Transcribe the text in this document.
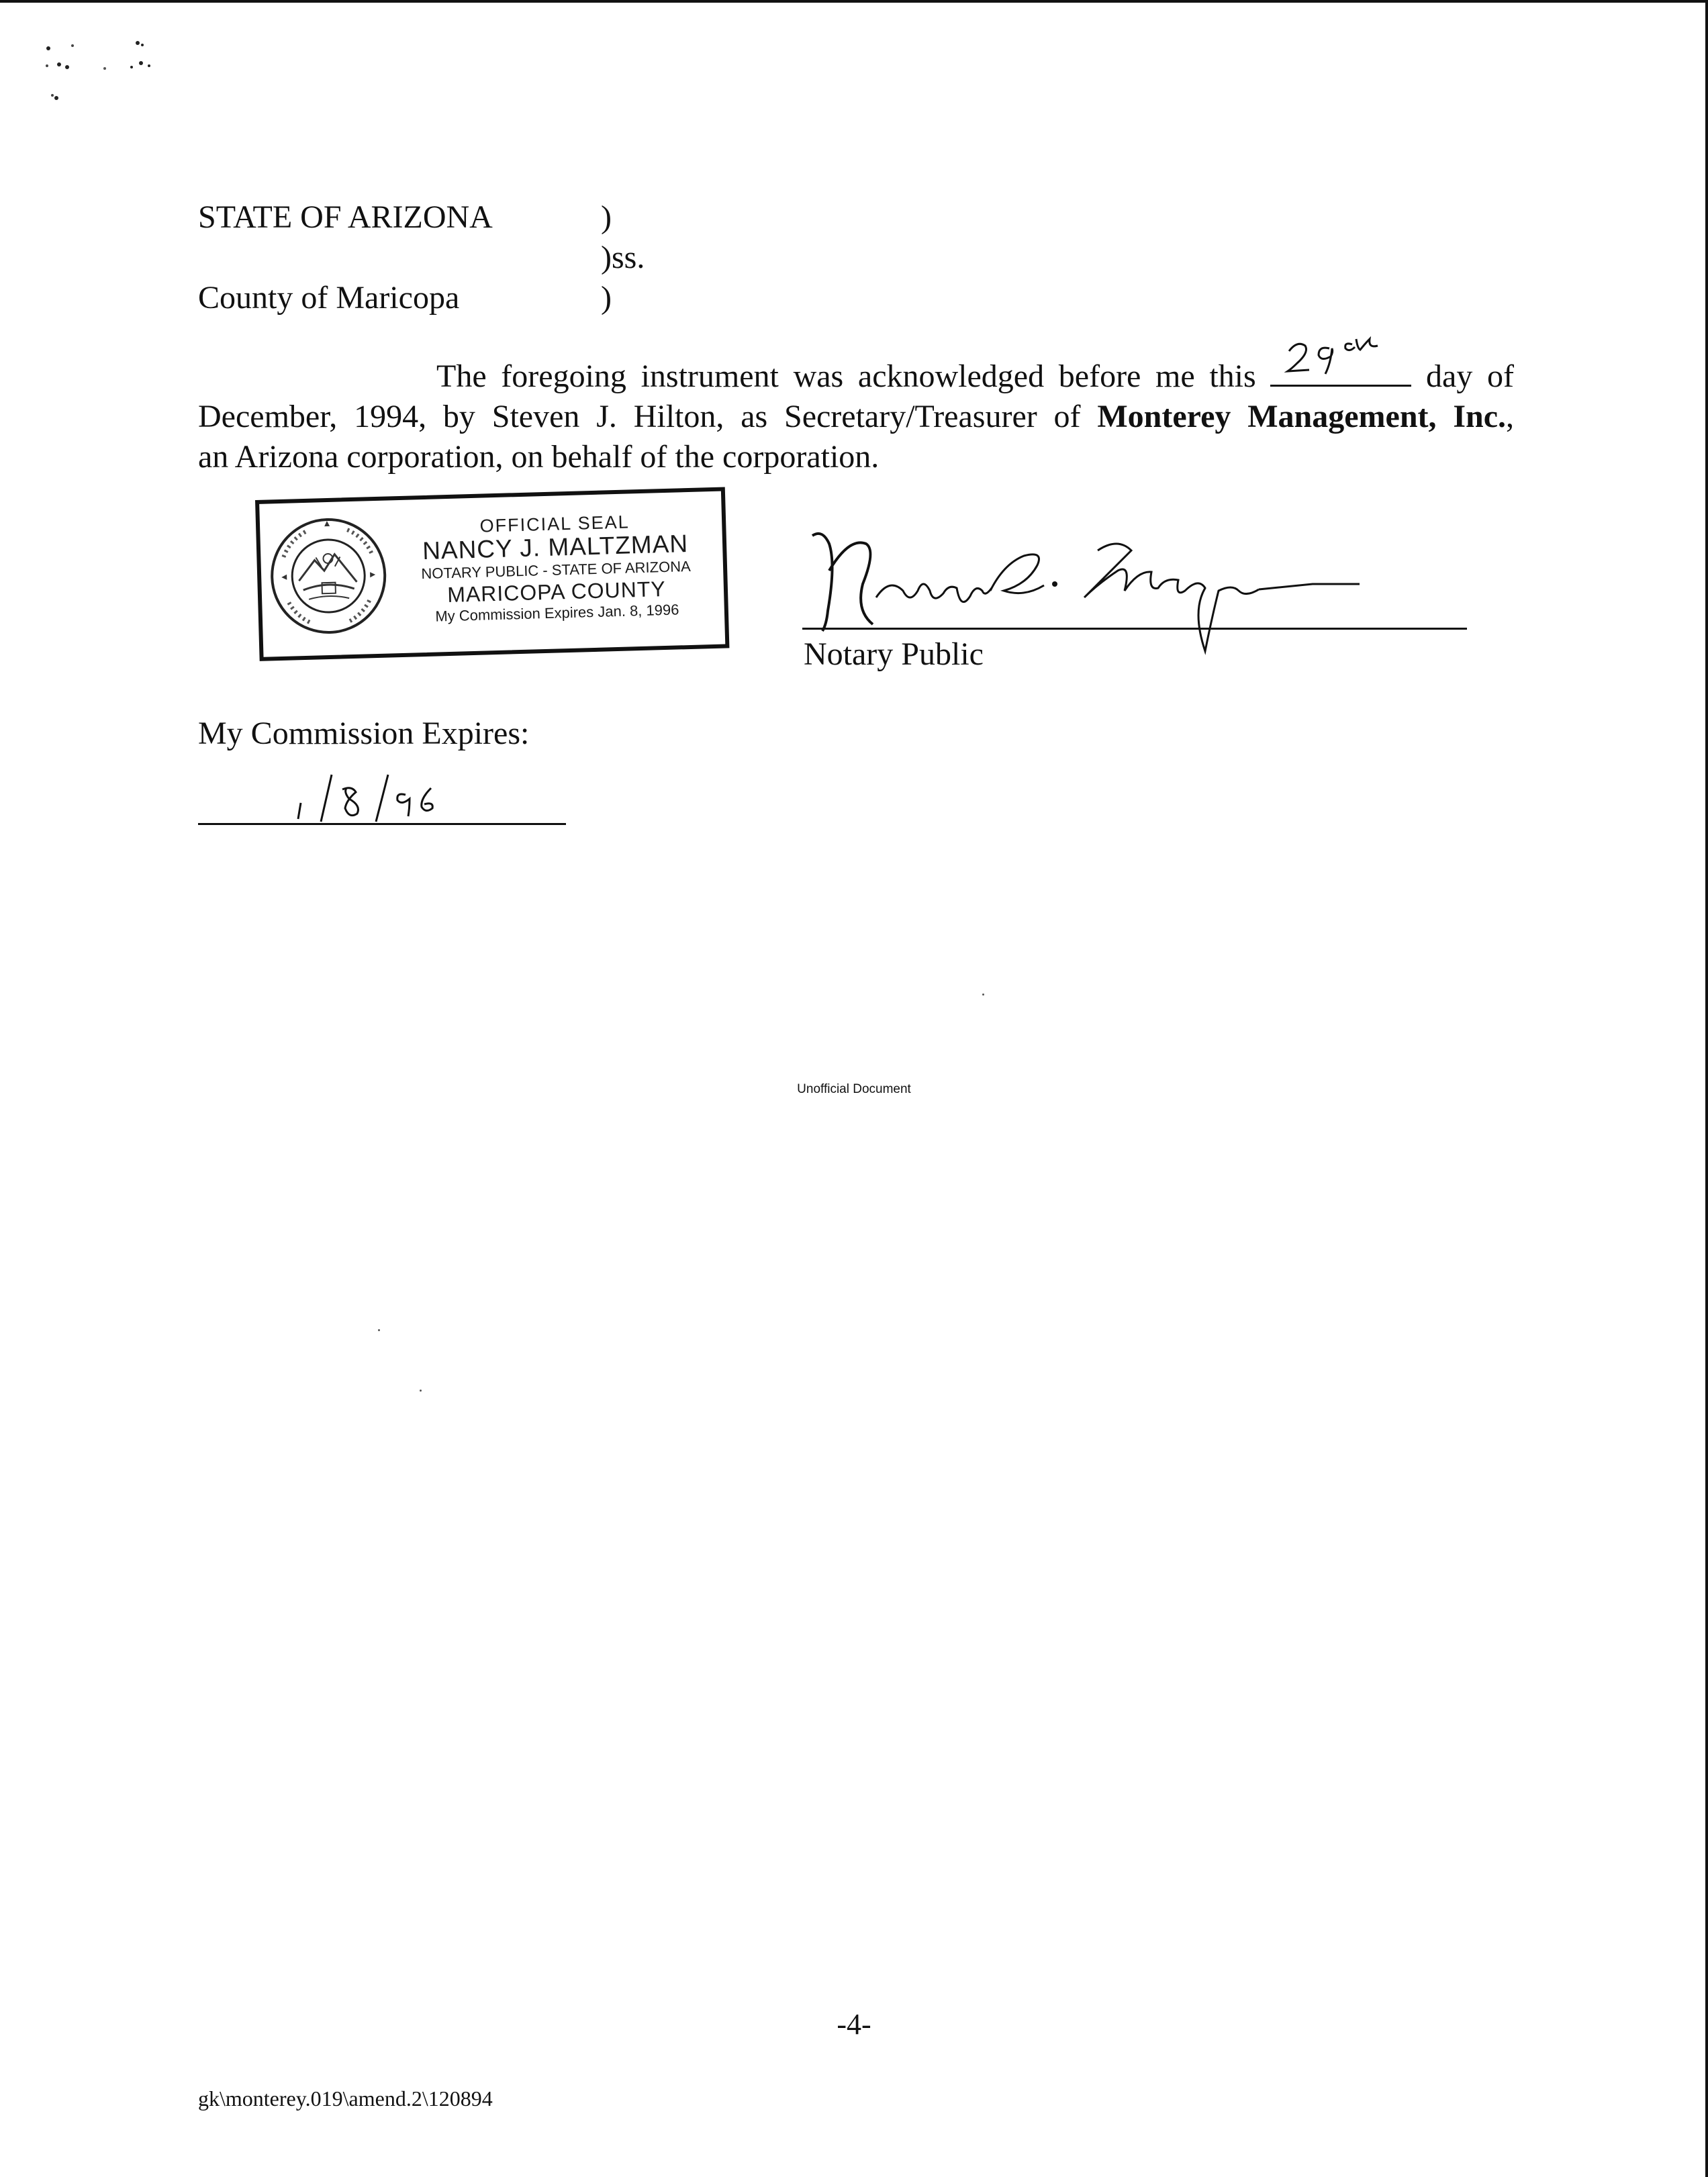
STATE OF ARIZONA	)
)ss.
County of Maricopa	)
The foregoing instrument was acknowledged before me this	day of
December, 1994, by Steven J. Hilton, as Secretary/Treasurer of Monterey Management, Inc.,
an Arizona corporation, on behalf of the corporation.
OFFICIAL SEAL
NANCY J. MALTZMAN
NOTARY PUBLIC - STATE OF ARIZONA
MARICOPA COUNTY
My Commission Expires Jan. 8, 1996
Notary Public
My Commission Expires:
Unofficial Document
-4-
gk\monterey.019\amend.2\120894
